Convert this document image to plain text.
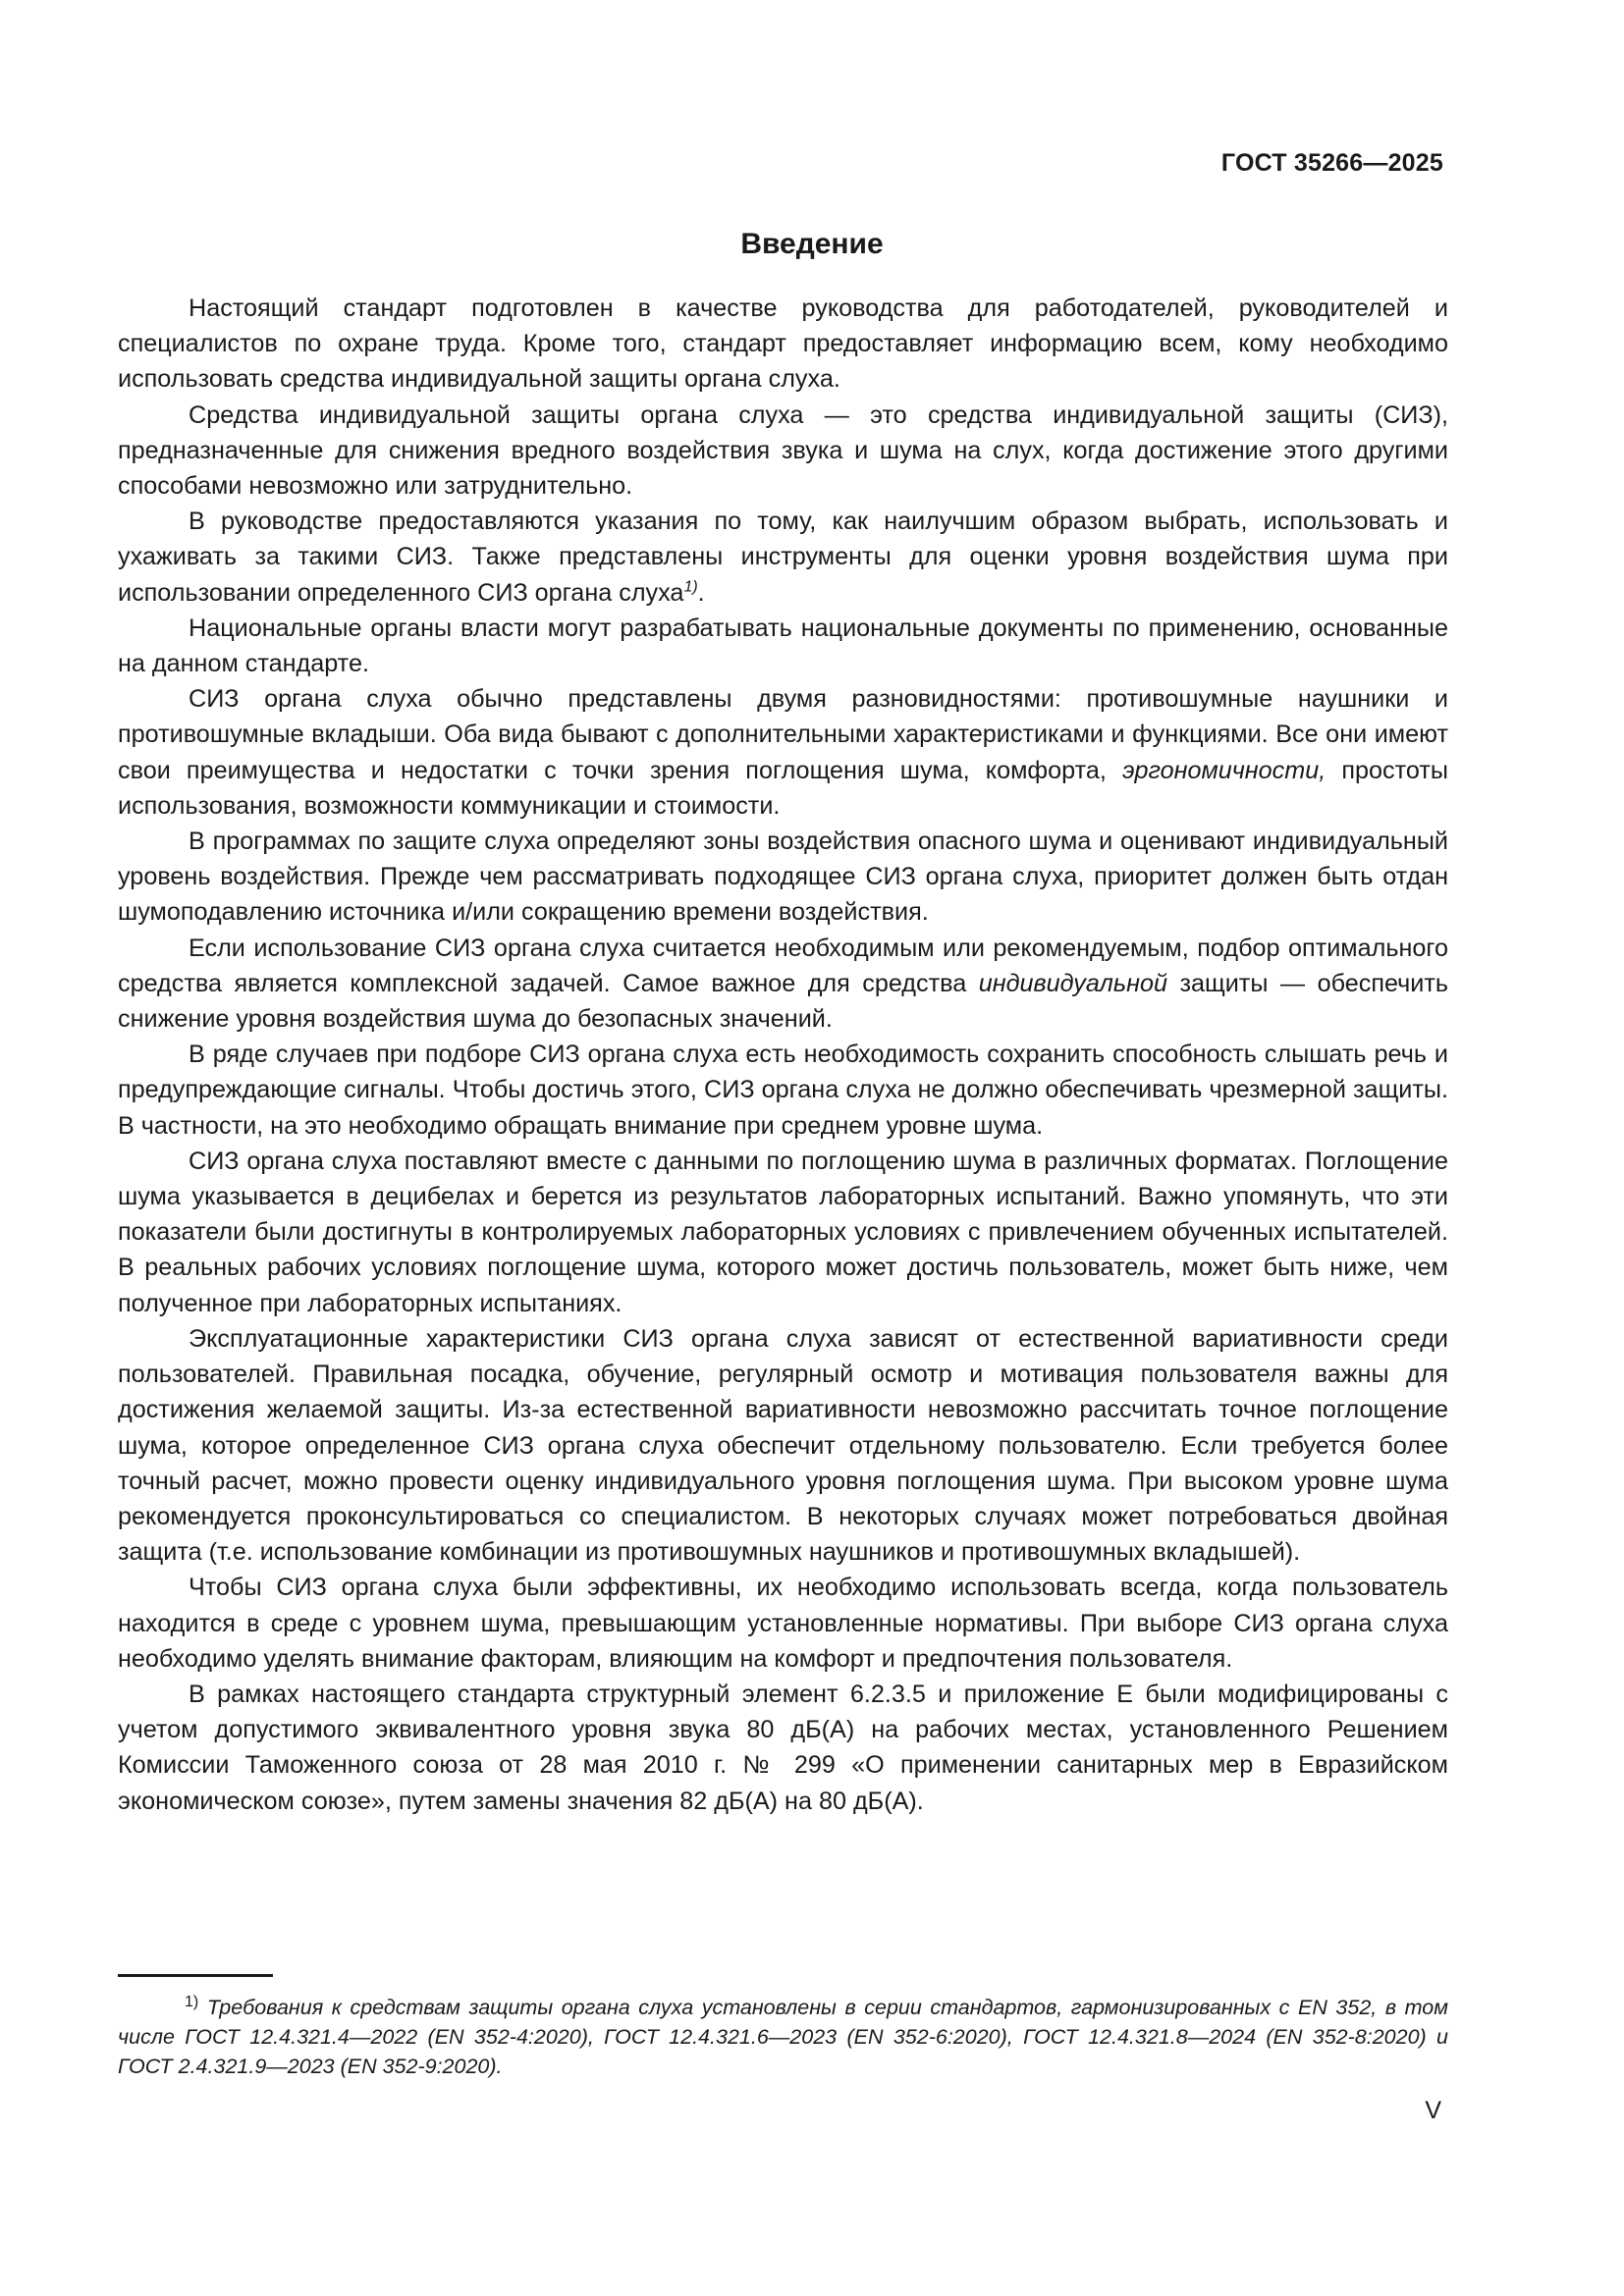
ГОСТ 35266—2025
Введение

Настоящий стандарт подготовлен в качестве руководства для работодателей, руководителей и специалистов по охране труда. Кроме того, стандарт предоставляет информацию всем, кому необходимо использовать средства индивидуальной защиты органа слуха.

Средства индивидуальной защиты органа слуха — это средства индивидуальной защиты (СИЗ), предназначенные для снижения вредного воздействия звука и шума на слух, когда достижение этого другими способами невозможно или затруднительно.

В руководстве предоставляются указания по тому, как наилучшим образом выбрать, использовать и ухаживать за такими СИЗ. Также представлены инструменты для оценки уровня воздействия шума при использовании определенного СИЗ органа слуха$^{1)}$.

Национальные органы власти могут разрабатывать национальные документы по применению, основанные на данном стандарте.

СИЗ органа слуха обычно представлены двумя разновидностями: противошумные наушники и противошумные вкладыши. Оба вида бывают с дополнительными характеристиками и функциями. Все они имеют свои преимущества и недостатки с точки зрения поглощения шума, комфорта, эргономичности, простоты использования, возможности коммуникации и стоимости.

В программах по защите слуха определяют зоны воздействия опасного шума и оценивают индивидуальный уровень воздействия. Прежде чем рассматривать подходящее СИЗ органа слуха, приоритет должен быть отдан шумоподавлению источника и/или сокращению времени воздействия.

Если использование СИЗ органа слуха считается необходимым или рекомендуемым, подбор оптимального средства является комплексной задачей. Самое важное для средства индивидуальной защиты — обеспечить снижение уровня воздействия шума до безопасных значений.

В ряде случаев при подборе СИЗ органа слуха есть необходимость сохранить способность слышать речь и предупреждающие сигналы. Чтобы достичь этого, СИЗ органа слуха не должно обеспечивать чрезмерной защиты. В частности, на это необходимо обращать внимание при среднем уровне шума.

СИЗ органа слуха поставляют вместе с данными по поглощению шума в различных форматах. Поглощение шума указывается в децибелах и берется из результатов лабораторных испытаний. Важно упомянуть, что эти показатели были достигнуты в контролируемых лабораторных условиях с привлечением обученных испытателей. В реальных рабочих условиях поглощение шума, которого может достичь пользователь, может быть ниже, чем полученное при лабораторных испытаниях.

Эксплуатационные характеристики СИЗ органа слуха зависят от естественной вариативности среди пользователей. Правильная посадка, обучение, регулярный осмотр и мотивация пользователя важны для достижения желаемой защиты. Из-за естественной вариативности невозможно рассчитать точное поглощение шума, которое определенное СИЗ органа слуха обеспечит отдельному пользователю. Если требуется более точный расчет, можно провести оценку индивидуального уровня поглощения шума. При высоком уровне шума рекомендуется проконсультироваться со специалистом. В некоторых случаях может потребоваться двойная защита (т.е. использование комбинации из противошумных наушников и противошумных вкладышей).

Чтобы СИЗ органа слуха были эффективны, их необходимо использовать всегда, когда пользователь находится в среде с уровнем шума, превышающим установленные нормативы. При выборе СИЗ органа слуха необходимо уделять внимание факторам, влияющим на комфорт и предпочтения пользователя.

В рамках настоящего стандарта структурный элемент 6.2.3.5 и приложение Е были модифицированы с учетом допустимого эквивалентного уровня звука 80 дБ(А) на рабочих местах, установленного Решением Комиссии Таможенного союза от 28 мая 2010 г. № 299 «О применении санитарных мер в Евразийском экономическом союзе», путем замены значения 82 дБ(А) на 80 дБ(А).

$^{1)}$ Требования к средствам защиты органа слуха установлены в серии стандартов, гармонизированных с EN 352, в том числе ГОСТ 12.4.321.4—2022 (EN 352-4:2020), ГОСТ 12.4.321.6—2023 (EN 352-6:2020), ГОСТ 12.4.321.8—2024 (EN 352-8:2020) и ГОСТ 2.4.321.9—2023 (EN 352-9:2020).

V
